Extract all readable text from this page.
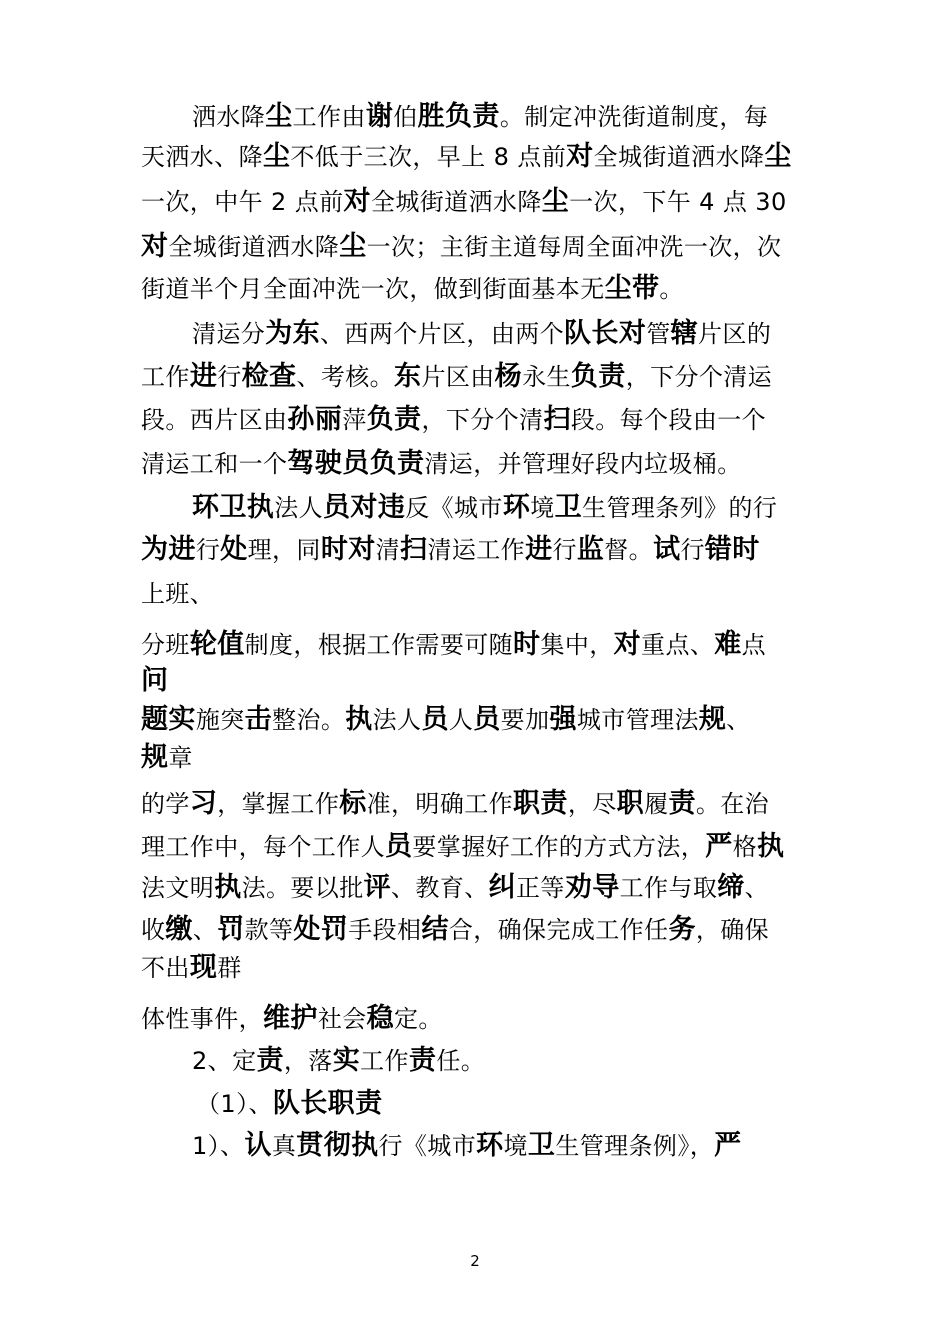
洒水降尘工作由谢伯胜负责。制定冲洗街道制度，每
天洒水、降尘不低于三次，早上 8 点前对全城街道洒水降尘
一次，中午 2 点前对全城街道洒水降尘一次，下午 4 点 30
对全城街道洒水降尘一次；主街主道每周全面冲洗一次，次
街道半个月全面冲洗一次，做到街面基本无尘带。
清运分为东、西两个片区，由两个队长对管辖片区的
工作进行检查、考核。东片区由杨永生负责，下分个清运
段。西片区由孙丽萍负责，下分个清扫段。每个段由一个
清运工和一个驾驶员负责清运，并管理好段内垃圾桶。
环卫执法人员对违反《城市环境卫生管理条列》的行
为进行处理，同时对清扫清运工作进行监督。试行错时
上班、
分班轮值制度，根据工作需要可随时集中，对重点、难点
问
题实施突击整治。执法人员人员要加强城市管理法规、
规章
的学习，掌握工作标准，明确工作职责，尽职履责。在治
理工作中，每个工作人员要掌握好工作的方式方法，严格执
法文明执法。要以批评、教育、纠正等劝导工作与取缔、
收缴、罚款等处罚手段相结合，确保完成工作任务，确保
不出现群
体性事件，维护社会稳定。
2、定责，落实工作责任。
（1）、队长职责
1）、认真贯彻执行《城市环境卫生管理条例》，严
2
